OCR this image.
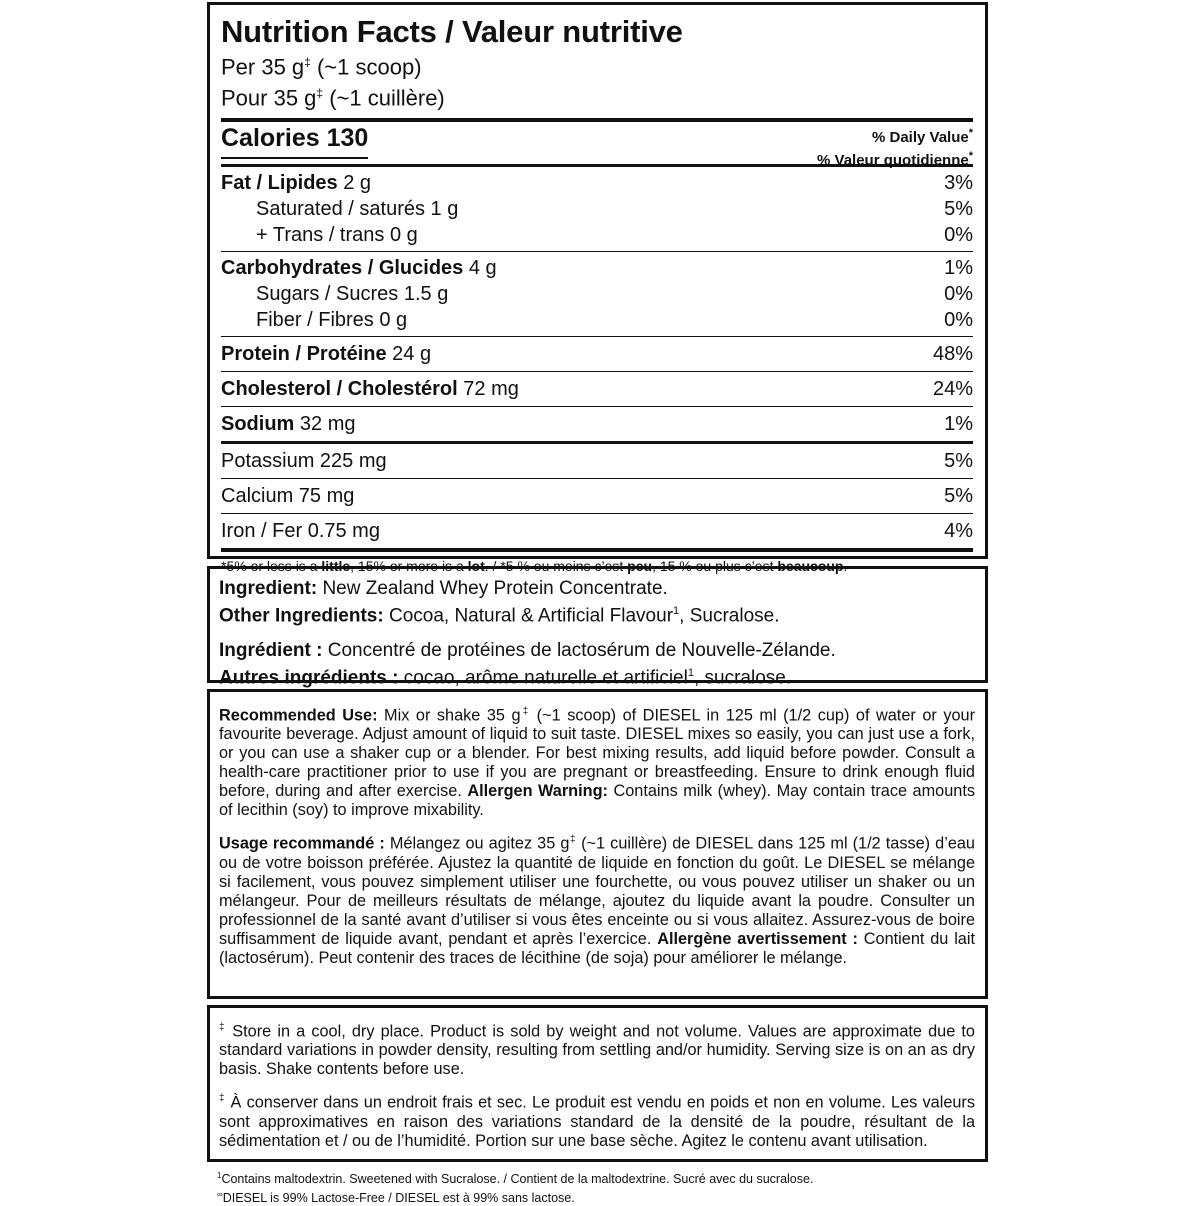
Nutrition Facts / Valeur nutritive
Per 35 g‡ (~1 scoop)
Pour 35 g‡ (~1 cuillère)
Calories 130	% Daily Value*
% Valeur quotidienne*
Fat / Lipides 2 g	3%
Saturated / saturés 1 g	5%
+ Trans / trans 0 g	0%
Carbohydrates / Glucides 4 g	1%
Sugars / Sucres 1.5 g	0%
Fiber / Fibres 0 g	0%
Protein / Protéine 24 g	48%
Cholesterol / Cholestérol 72 mg	24%
Sodium 32 mg	1%
Potassium 225 mg	5%
Calcium 75 mg	5%
Iron / Fer 0.75 mg	4%
*5% or less is a little, 15% or more is a lot. / *5 % ou moins c’est peu, 15 % ou plus c’est beaucoup.

Ingredient: New Zealand Whey Protein Concentrate.

Other Ingredients: Cocoa, Natural & Artificial Flavour$^1$, Sucralose.

Ingrédient : Concentré de protéines de lactosérum de Nouvelle-Zélande.

Autres ingrédients : cocao, arôme naturelle et artificiel$^1$, sucralose.

Recommended Use: Mix or shake 35 g‡ (~1 scoop) of DIESEL in 125 ml (1/2 cup) of water or your favourite beverage. Adjust amount of liquid to suit taste. DIESEL mixes so easily, you can just use a fork, or you can use a shaker cup or a blender. For best mixing results, add liquid before powder. Consult a health-care practitioner prior to use if you are pregnant or breastfeeding. Ensure to drink enough fluid before, during and after exercise. Allergen Warning: Contains milk (whey). May contain trace amounts of lecithin (soy) to improve mixability.

Usage recommandé : Mélangez ou agitez 35 g‡ (~1 cuillère) de DIESEL dans 125 ml (1/2 tasse) d’eau ou de votre boisson préférée. Ajustez la quantité de liquide en fonction du goût. Le DIESEL se mélange si facilement, vous pouvez simplement utiliser une fourchette, ou vous pouvez utiliser un shaker ou un mélangeur. Pour de meilleurs résultats de mélange, ajoutez du liquide avant la poudre. Consulter un professionnel de la santé avant d’utiliser si vous êtes enceinte ou si vous allaitez. Assurez-vous de boire suffisamment de liquide avant, pendant et après l’exercice. Allergène avertissement : Contient du lait (lactosérum). Peut contenir des traces de lécithine (de soja) pour améliorer le mélange.

‡ Store in a cool, dry place. Product is sold by weight and not volume. Values are approximate due to standard variations in powder density, resulting from settling and/or humidity. Serving size is on an as dry basis. Shake contents before use.

‡ À conserver dans un endroit frais et sec. Le produit est vendu en poids et non en volume. Les valeurs sont approximatives en raison des variations standard de la densité de la poudre, résultant de la sédimentation et / ou de l’humidité. Portion sur une base sèche. Agitez le contenu avant utilisation.

$^1$Contains maltodextrin. Sweetened with Sucralose. / Contient de la maltodextrine. Sucré avec du sucralose.
∞DIESEL is 99% Lactose-Free / DIESEL est à 99% sans lactose.
